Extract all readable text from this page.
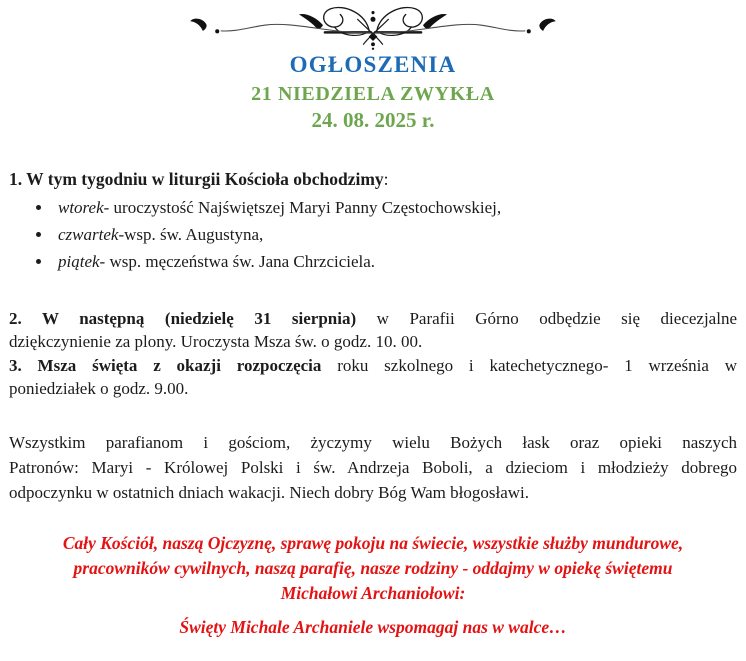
OGŁOSZENIA
21 NIEDZIELA ZWYKŁA
24. 08. 2025 r.

1. W tym tygodniu w liturgii Kościoła obchodzimy:

• wtorek- uroczystość Najświętszej Maryi Panny Częstochowskiej,
• czwartek-wsp. św. Augustyna,
• piątek- wsp. męczeństwa św. Jana Chrzciciela.

2. W następną (niedzielę 31 sierpnia) w Parafii Górno odbędzie się diecezjalne

dziękczynienie za plony. Uroczysta Msza św. o godz. 10. 00.

3. Msza święta z okazji rozpoczęcia roku szkolnego i katechetycznego- 1 września w

poniedziałek o godz. 9.00.

Wszystkim parafianom i gościom, życzymy wielu Bożych łask oraz opieki naszych

Patronów: Maryi - Królowej Polski i św. Andrzeja Boboli, a dzieciom i młodzieży dobrego

odpoczynku w ostatnich dniach wakacji. Niech dobry Bóg Wam błogosławi.

Cały Kościół, naszą Ojczyznę, sprawę pokoju na świecie, wszystkie służby mundurowe,

pracowników cywilnych, naszą parafię, nasze rodziny - oddajmy w opiekę świętemu

Michałowi Archaniołowi:

Święty Michale Archaniele wspomagaj nas w walce…
